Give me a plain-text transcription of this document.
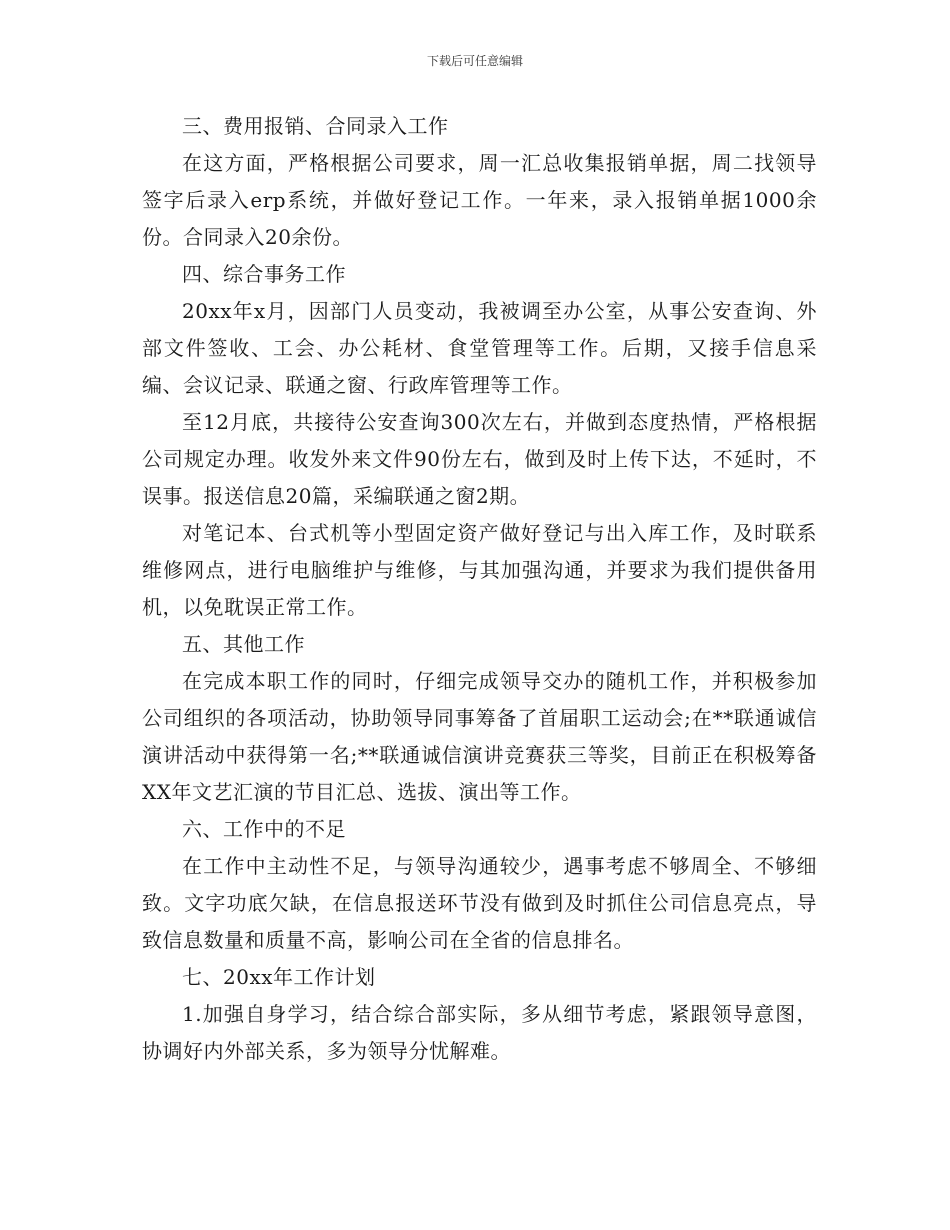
下载后可任意编辑

三、费用报销、合同录入工作

在这方面，严格根据公司要求，周一汇总收集报销单据，周二找领导签字后录入erp系统，并做好登记工作。一年来，录入报销单据1000余份。合同录入20余份。

四、综合事务工作

20xx年x月，因部门人员变动，我被调至办公室，从事公安查询、外部文件签收、工会、办公耗材、食堂管理等工作。后期，又接手信息采编、会议记录、联通之窗、行政库管理等工作。

至12月底，共接待公安查询300次左右，并做到态度热情，严格根据公司规定办理。收发外来文件90份左右，做到及时上传下达，不延时，不误事。报送信息20篇，采编联通之窗2期。

对笔记本、台式机等小型固定资产做好登记与出入库工作，及时联系维修网点，进行电脑维护与维修，与其加强沟通，并要求为我们提供备用机，以免耽误正常工作。

五、其他工作

在完成本职工作的同时，仔细完成领导交办的随机工作，并积极参加公司组织的各项活动，协助领导同事筹备了首届职工运动会;在**联通诚信演讲活动中获得第一名;**联通诚信演讲竞赛获三等奖，目前正在积极筹备XX年文艺汇演的节目汇总、选拔、演出等工作。

六、工作中的不足

在工作中主动性不足，与领导沟通较少，遇事考虑不够周全、不够细致。文字功底欠缺，在信息报送环节没有做到及时抓住公司信息亮点，导致信息数量和质量不高，影响公司在全省的信息排名。

七、20xx年工作计划

1.加强自身学习，结合综合部实际，多从细节考虑，紧跟领导意图，协调好内外部关系，多为领导分忧解难。
